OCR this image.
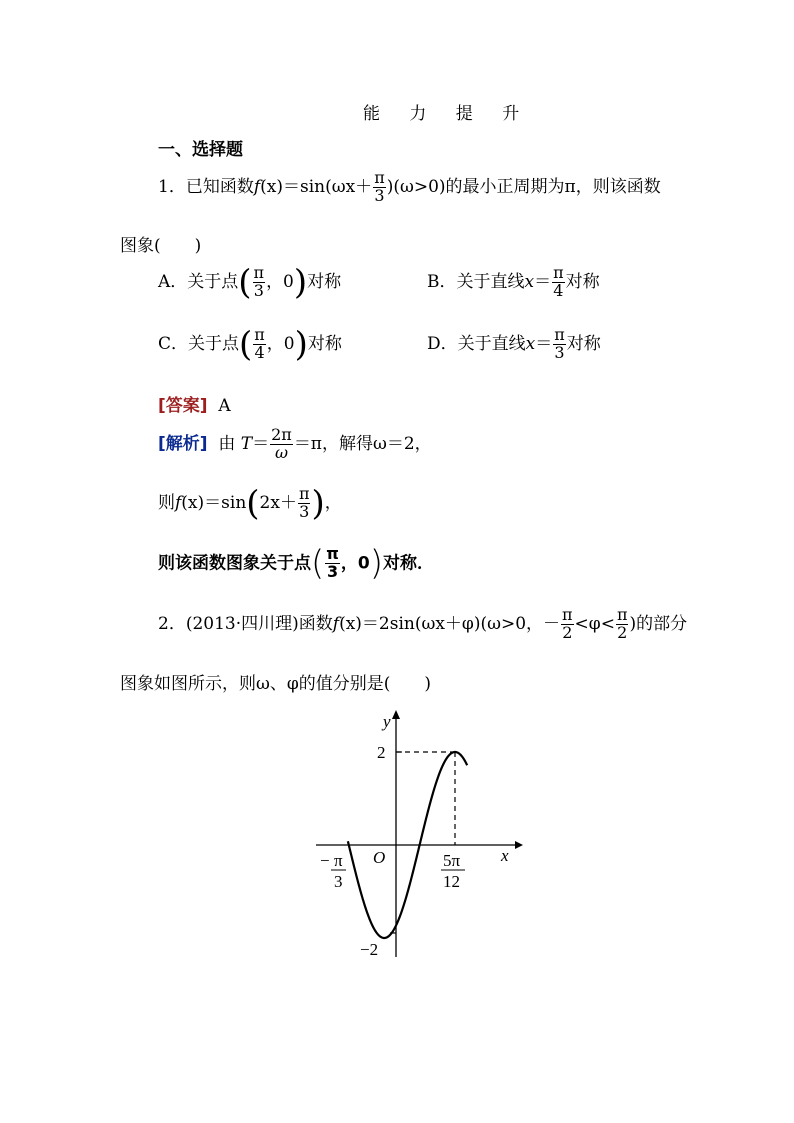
能 力 提 升
一、选择题
1．已知函数$f(x)=\sin(\omega x+ \frac{\pi}{3} )(\omega>0)$的最小正周期为π，则该函数
图象(　　)
A．关于点( $\frac{\pi}{3}$ ，0)对称	B．关于直线$x= \frac{\pi}{4}$ 对称
C．关于点( $\frac{\pi}{4}$ ，0)对称	D．关于直线$x= \frac{\pi}{3}$ 对称
[答案] A
[解析] 由 $T= \frac{2\pi}{\omega} =\pi$，解得ω＝2，
则$f(x)=\sin(2x+ \frac{\pi}{3}$ )，
则该函数图象关于点( $\frac{\pi}{3}$ ，0)对称．
2．(2013·四川理)函数f(x)＝2sin(ωx＋φ)(ω>0，－ $\frac{\pi}{2} <\varphi< \frac{\pi}{2}$ )的部分
图象如图所示，则ω、φ的值分别是(　　)
y
x
O
2
−2
− π
3
5π
12
